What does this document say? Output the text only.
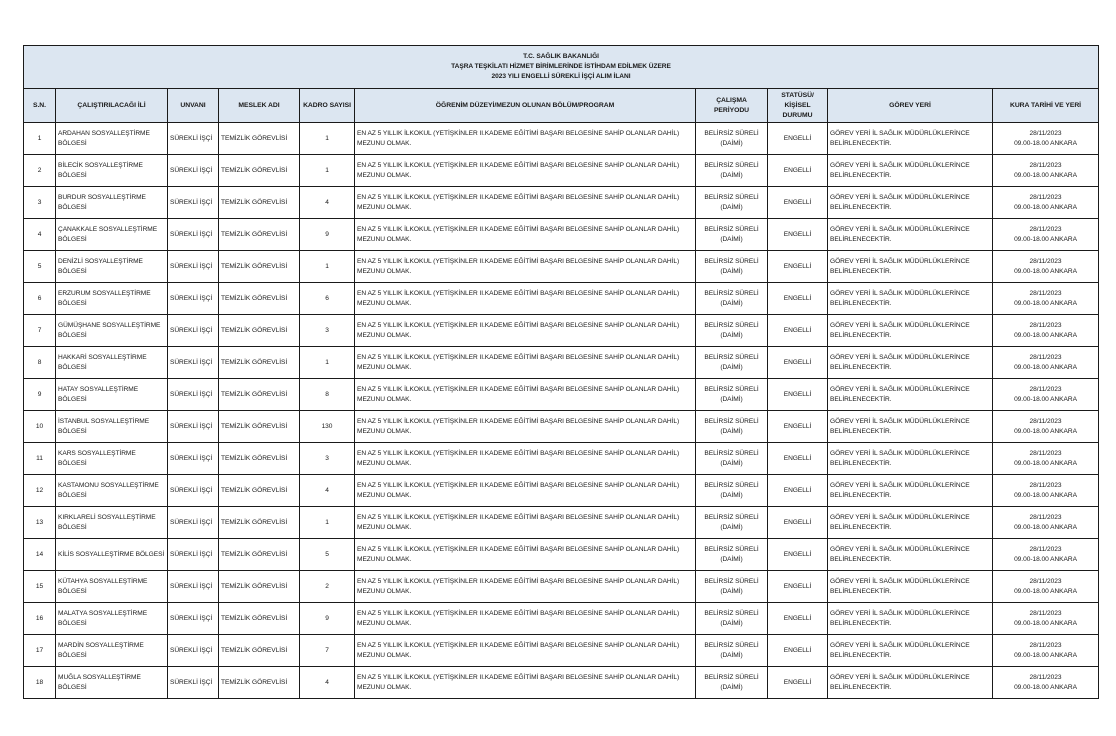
T.C. SAĞLIK BAKANLIĞI
TAŞRA TEŞKİLATI HİZMET BİRİMLERİNDE İSTİHDAM EDİLMEK ÜZERE
2023 YILI ENGELLİ SÜREKLİ İŞÇİ ALIM İLANI									

S.N.	ÇALIŞTIRILACAĞI İLİ	UNVANI	MESLEK ADI	KADRO SAYISI	ÖĞRENİM DÜZEYİ/MEZUN OLUNAN BÖLÜM/PROGRAM	ÇALIŞMA PERİYODU	STATÜSÜ/ KİŞİSEL DURUMU	GÖREV YERİ	KURA TARİHİ VE YERİ
1	ARDAHAN SOSYALLEŞTİRME BÖLGESİ	SÜREKLİ İŞÇİ	TEMİZLİK GÖREVLİSİ	1	EN AZ 5 YILLIK İLKOKUL (YETİŞKİNLER II.KADEME EĞİTİMİ BAŞARI BELGESİNE SAHİP OLANLAR DAHİL) MEZUNU OLMAK.	BELİRSİZ SÜRELİ (DAİMİ)	ENGELLİ	GÖREV YERİ İL SAĞLIK MÜDÜRLÜKLERİNCE BELİRLENECEKTİR.	28/11/2023
09.00-18.00 ANKARA

2	BİLECİK SOSYALLEŞTİRME BÖLGESİ	SÜREKLİ İŞÇİ	TEMİZLİK GÖREVLİSİ	1	EN AZ 5 YILLIK İLKOKUL (YETİŞKİNLER II.KADEME EĞİTİMİ BAŞARI BELGESİNE SAHİP OLANLAR DAHİL) MEZUNU OLMAK.	BELİRSİZ SÜRELİ (DAİMİ)	ENGELLİ	GÖREV YERİ İL SAĞLIK MÜDÜRLÜKLERİNCE BELİRLENECEKTİR.	28/11/2023
09.00-18.00 ANKARA

3	BURDUR SOSYALLEŞTİRME BÖLGESİ	SÜREKLİ İŞÇİ	TEMİZLİK GÖREVLİSİ	4	EN AZ 5 YILLIK İLKOKUL (YETİŞKİNLER II.KADEME EĞİTİMİ BAŞARI BELGESİNE SAHİP OLANLAR DAHİL) MEZUNU OLMAK.	BELİRSİZ SÜRELİ (DAİMİ)	ENGELLİ	GÖREV YERİ İL SAĞLIK MÜDÜRLÜKLERİNCE BELİRLENECEKTİR.	28/11/2023
09.00-18.00 ANKARA

4	ÇANAKKALE SOSYALLEŞTİRME BÖLGESİ	SÜREKLİ İŞÇİ	TEMİZLİK GÖREVLİSİ	9	EN AZ 5 YILLIK İLKOKUL (YETİŞKİNLER II.KADEME EĞİTİMİ BAŞARI BELGESİNE SAHİP OLANLAR DAHİL) MEZUNU OLMAK.	BELİRSİZ SÜRELİ (DAİMİ)	ENGELLİ	GÖREV YERİ İL SAĞLIK MÜDÜRLÜKLERİNCE BELİRLENECEKTİR.	28/11/2023
09.00-18.00 ANKARA

5	DENİZLİ SOSYALLEŞTİRME BÖLGESİ	SÜREKLİ İŞÇİ	TEMİZLİK GÖREVLİSİ	1	EN AZ 5 YILLIK İLKOKUL (YETİŞKİNLER II.KADEME EĞİTİMİ BAŞARI BELGESİNE SAHİP OLANLAR DAHİL) MEZUNU OLMAK.	BELİRSİZ SÜRELİ (DAİMİ)	ENGELLİ	GÖREV YERİ İL SAĞLIK MÜDÜRLÜKLERİNCE BELİRLENECEKTİR.	28/11/2023
09.00-18.00 ANKARA

6	ERZURUM SOSYALLEŞTİRME BÖLGESİ	SÜREKLİ İŞÇİ	TEMİZLİK GÖREVLİSİ	6	EN AZ 5 YILLIK İLKOKUL (YETİŞKİNLER II.KADEME EĞİTİMİ BAŞARI BELGESİNE SAHİP OLANLAR DAHİL) MEZUNU OLMAK.	BELİRSİZ SÜRELİ (DAİMİ)	ENGELLİ	GÖREV YERİ İL SAĞLIK MÜDÜRLÜKLERİNCE BELİRLENECEKTİR.	28/11/2023
09.00-18.00 ANKARA

7	GÜMÜŞHANE SOSYALLEŞTİRME BÖLGESİ	SÜREKLİ İŞÇİ	TEMİZLİK GÖREVLİSİ	3	EN AZ 5 YILLIK İLKOKUL (YETİŞKİNLER II.KADEME EĞİTİMİ BAŞARI BELGESİNE SAHİP OLANLAR DAHİL) MEZUNU OLMAK.	BELİRSİZ SÜRELİ (DAİMİ)	ENGELLİ	GÖREV YERİ İL SAĞLIK MÜDÜRLÜKLERİNCE BELİRLENECEKTİR.	28/11/2023
09.00-18.00 ANKARA

8	HAKKARİ SOSYALLEŞTİRME BÖLGESİ	SÜREKLİ İŞÇİ	TEMİZLİK GÖREVLİSİ	1	EN AZ 5 YILLIK İLKOKUL (YETİŞKİNLER II.KADEME EĞİTİMİ BAŞARI BELGESİNE SAHİP OLANLAR DAHİL) MEZUNU OLMAK.	BELİRSİZ SÜRELİ (DAİMİ)	ENGELLİ	GÖREV YERİ İL SAĞLIK MÜDÜRLÜKLERİNCE BELİRLENECEKTİR.	28/11/2023
09.00-18.00 ANKARA

9	HATAY SOSYALLEŞTİRME BÖLGESİ	SÜREKLİ İŞÇİ	TEMİZLİK GÖREVLİSİ	8	EN AZ 5 YILLIK İLKOKUL (YETİŞKİNLER II.KADEME EĞİTİMİ BAŞARI BELGESİNE SAHİP OLANLAR DAHİL) MEZUNU OLMAK.	BELİRSİZ SÜRELİ (DAİMİ)	ENGELLİ	GÖREV YERİ İL SAĞLIK MÜDÜRLÜKLERİNCE BELİRLENECEKTİR.	28/11/2023
09.00-18.00 ANKARA

10	İSTANBUL SOSYALLEŞTİRME BÖLGESİ	SÜREKLİ İŞÇİ	TEMİZLİK GÖREVLİSİ	130	EN AZ 5 YILLIK İLKOKUL (YETİŞKİNLER II.KADEME EĞİTİMİ BAŞARI BELGESİNE SAHİP OLANLAR DAHİL) MEZUNU OLMAK.	BELİRSİZ SÜRELİ (DAİMİ)	ENGELLİ	GÖREV YERİ İL SAĞLIK MÜDÜRLÜKLERİNCE BELİRLENECEKTİR.	28/11/2023
09.00-18.00 ANKARA

11	KARS SOSYALLEŞTİRME BÖLGESİ	SÜREKLİ İŞÇİ	TEMİZLİK GÖREVLİSİ	3	EN AZ 5 YILLIK İLKOKUL (YETİŞKİNLER II.KADEME EĞİTİMİ BAŞARI BELGESİNE SAHİP OLANLAR DAHİL) MEZUNU OLMAK.	BELİRSİZ SÜRELİ (DAİMİ)	ENGELLİ	GÖREV YERİ İL SAĞLIK MÜDÜRLÜKLERİNCE BELİRLENECEKTİR.	28/11/2023
09.00-18.00 ANKARA

12	KASTAMONU SOSYALLEŞTİRME BÖLGESİ	SÜREKLİ İŞÇİ	TEMİZLİK GÖREVLİSİ	4	EN AZ 5 YILLIK İLKOKUL (YETİŞKİNLER II.KADEME EĞİTİMİ BAŞARI BELGESİNE SAHİP OLANLAR DAHİL) MEZUNU OLMAK.	BELİRSİZ SÜRELİ (DAİMİ)	ENGELLİ	GÖREV YERİ İL SAĞLIK MÜDÜRLÜKLERİNCE BELİRLENECEKTİR.	28/11/2023
09.00-18.00 ANKARA

13	KIRKLARELİ SOSYALLEŞTİRME BÖLGESİ	SÜREKLİ İŞÇİ	TEMİZLİK GÖREVLİSİ	1	EN AZ 5 YILLIK İLKOKUL (YETİŞKİNLER II.KADEME EĞİTİMİ BAŞARI BELGESİNE SAHİP OLANLAR DAHİL) MEZUNU OLMAK.	BELİRSİZ SÜRELİ (DAİMİ)	ENGELLİ	GÖREV YERİ İL SAĞLIK MÜDÜRLÜKLERİNCE BELİRLENECEKTİR.	28/11/2023
09.00-18.00 ANKARA

14	KİLİS SOSYALLEŞTİRME BÖLGESİ	SÜREKLİ İŞÇİ	TEMİZLİK GÖREVLİSİ	5	EN AZ 5 YILLIK İLKOKUL (YETİŞKİNLER II.KADEME EĞİTİMİ BAŞARI BELGESİNE SAHİP OLANLAR DAHİL) MEZUNU OLMAK.	BELİRSİZ SÜRELİ (DAİMİ)	ENGELLİ	GÖREV YERİ İL SAĞLIK MÜDÜRLÜKLERİNCE BELİRLENECEKTİR.	28/11/2023
09.00-18.00 ANKARA

15	KÜTAHYA SOSYALLEŞTİRME BÖLGESİ	SÜREKLİ İŞÇİ	TEMİZLİK GÖREVLİSİ	2	EN AZ 5 YILLIK İLKOKUL (YETİŞKİNLER II.KADEME EĞİTİMİ BAŞARI BELGESİNE SAHİP OLANLAR DAHİL) MEZUNU OLMAK.	BELİRSİZ SÜRELİ (DAİMİ)	ENGELLİ	GÖREV YERİ İL SAĞLIK MÜDÜRLÜKLERİNCE BELİRLENECEKTİR.	28/11/2023
09.00-18.00 ANKARA

16	MALATYA SOSYALLEŞTİRME BÖLGESİ	SÜREKLİ İŞÇİ	TEMİZLİK GÖREVLİSİ	9	EN AZ 5 YILLIK İLKOKUL (YETİŞKİNLER II.KADEME EĞİTİMİ BAŞARI BELGESİNE SAHİP OLANLAR DAHİL) MEZUNU OLMAK.	BELİRSİZ SÜRELİ (DAİMİ)	ENGELLİ	GÖREV YERİ İL SAĞLIK MÜDÜRLÜKLERİNCE BELİRLENECEKTİR.	28/11/2023
09.00-18.00 ANKARA

17	MARDİN SOSYALLEŞTİRME BÖLGESİ	SÜREKLİ İŞÇİ	TEMİZLİK GÖREVLİSİ	7	EN AZ 5 YILLIK İLKOKUL (YETİŞKİNLER II.KADEME EĞİTİMİ BAŞARI BELGESİNE SAHİP OLANLAR DAHİL) MEZUNU OLMAK.	BELİRSİZ SÜRELİ (DAİMİ)	ENGELLİ	GÖREV YERİ İL SAĞLIK MÜDÜRLÜKLERİNCE BELİRLENECEKTİR.	28/11/2023
09.00-18.00 ANKARA

18	MUĞLA SOSYALLEŞTİRME BÖLGESİ	SÜREKLİ İŞÇİ	TEMİZLİK GÖREVLİSİ	4	EN AZ 5 YILLIK İLKOKUL (YETİŞKİNLER II.KADEME EĞİTİMİ BAŞARI BELGESİNE SAHİP OLANLAR DAHİL) MEZUNU OLMAK.	BELİRSİZ SÜRELİ (DAİMİ)	ENGELLİ	GÖREV YERİ İL SAĞLIK MÜDÜRLÜKLERİNCE BELİRLENECEKTİR.	28/11/2023
09.00-18.00 ANKARA
